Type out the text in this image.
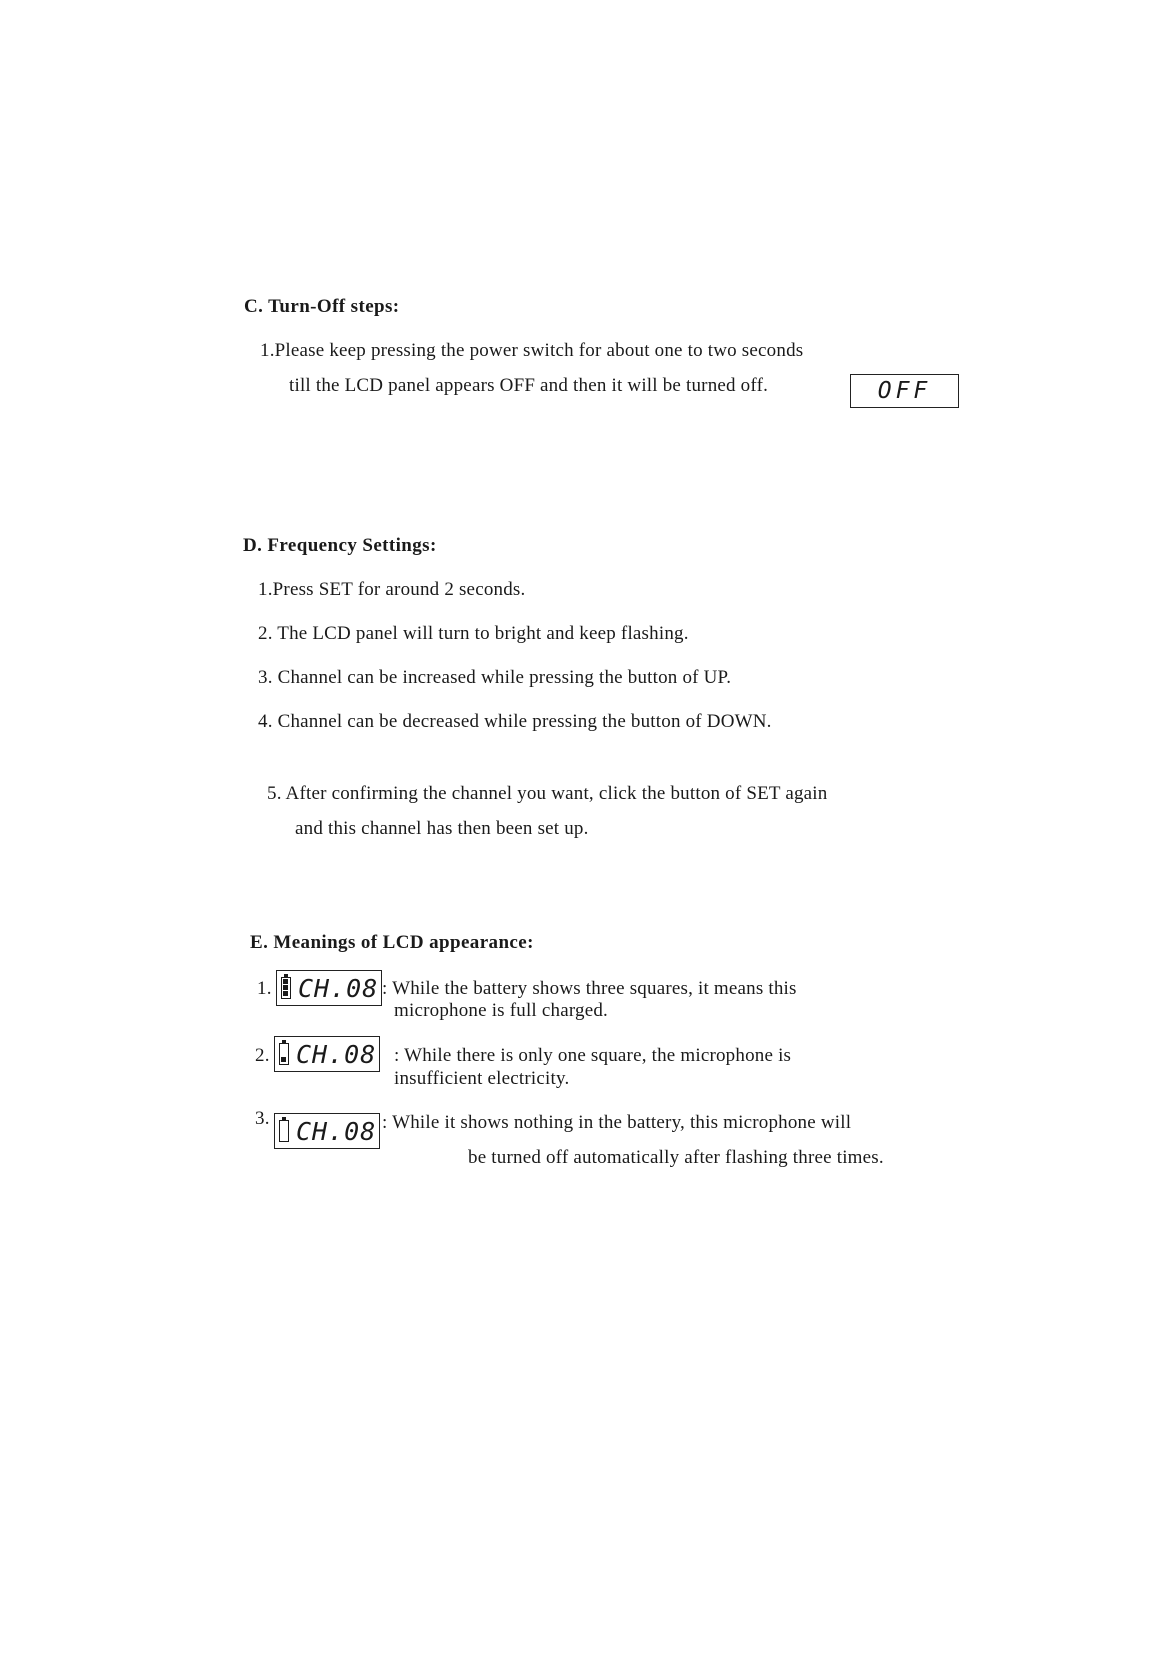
C. Turn-Off steps:
1.Please keep pressing the power switch for about one to two seconds
till the LCD panel appears OFF and then it will be turned off.	OFF
D. Frequency Settings:
1.Press SET for around 2 seconds.
2. The LCD panel will turn to bright and keep flashing.
3. Channel can be increased while pressing the button of UP.
4. Channel can be decreased while pressing the button of DOWN.
5. After confirming the channel you want, click the button of SET again
and this channel has then been set up.
E. Meanings of LCD appearance:
1. CH.08 : While the battery shows three squares, it means this
microphone is full charged.
2. CH.08 : While there is only one square, the microphone is
insufficient electricity.
3. CH.08 : While it shows nothing in the battery, this microphone will
be turned off automatically after flashing three times.
